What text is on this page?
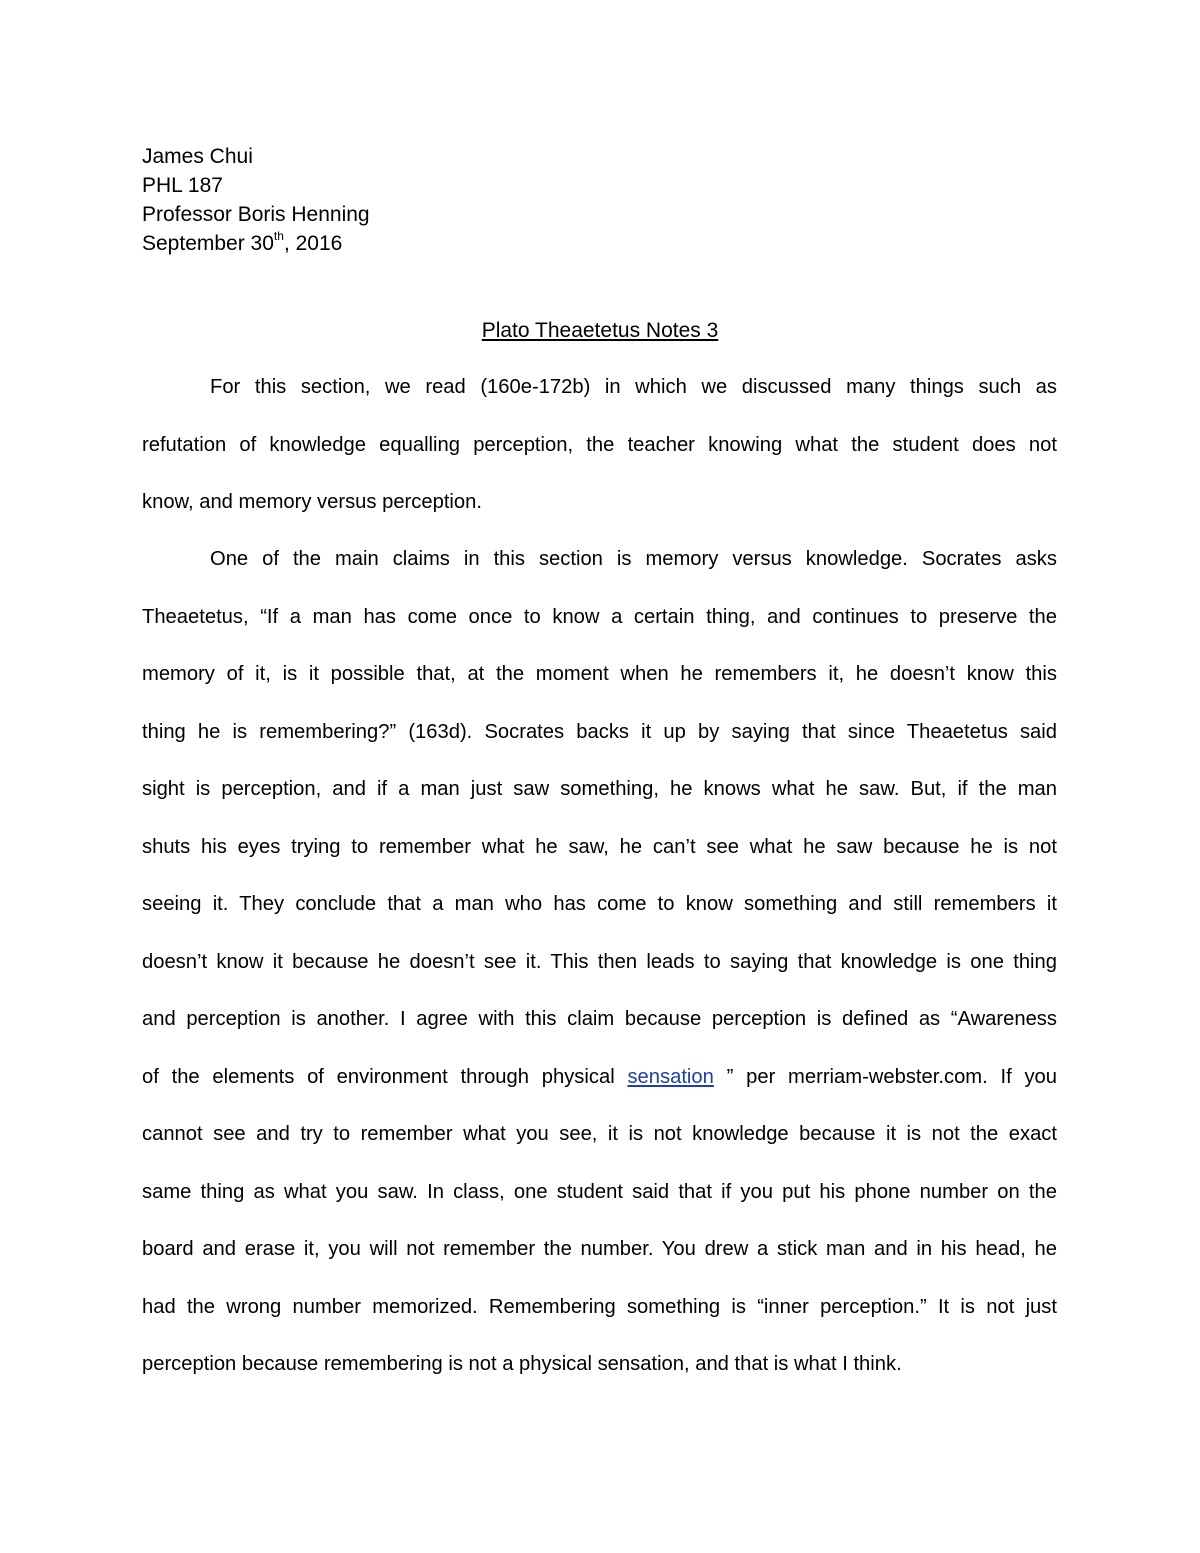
James Chui
PHL 187
Professor Boris Henning
September 30th, 2016
Plato Theaetetus Notes 3
For this section, we read (160e-172b) in which we discussed many things such as
refutation of knowledge equalling perception, the teacher knowing what the student does not
know, and memory versus perception.
One of the main claims in this section is memory versus knowledge. Socrates asks
Theaetetus, “If a man has come once to know a certain thing, and continues to preserve the
memory of it, is it possible that, at the moment when he remembers it, he doesn’t know this
thing he is remembering?” (163d). Socrates backs it up by saying that since Theaetetus said
sight is perception, and if a man just saw something, he knows what he saw. But, if the man
shuts his eyes trying to remember what he saw, he can’t see what he saw because he is not
seeing it. They conclude that a man who has come to know something and still remembers it
doesn’t know it because he doesn’t see it. This then leads to saying that knowledge is one thing
and perception is another. I agree with this claim because perception is defined as “Awareness
of the elements of environment through physical sensation ” per merriam-webster.com. If you
cannot see and try to remember what you see, it is not knowledge because it is not the exact
same thing as what you saw. In class, one student said that if you put his phone number on the
board and erase it, you will not remember the number. You drew a stick man and in his head, he
had the wrong number memorized. Remembering something is “inner perception.” It is not just
perception because remembering is not a physical sensation, and that is what I think.
